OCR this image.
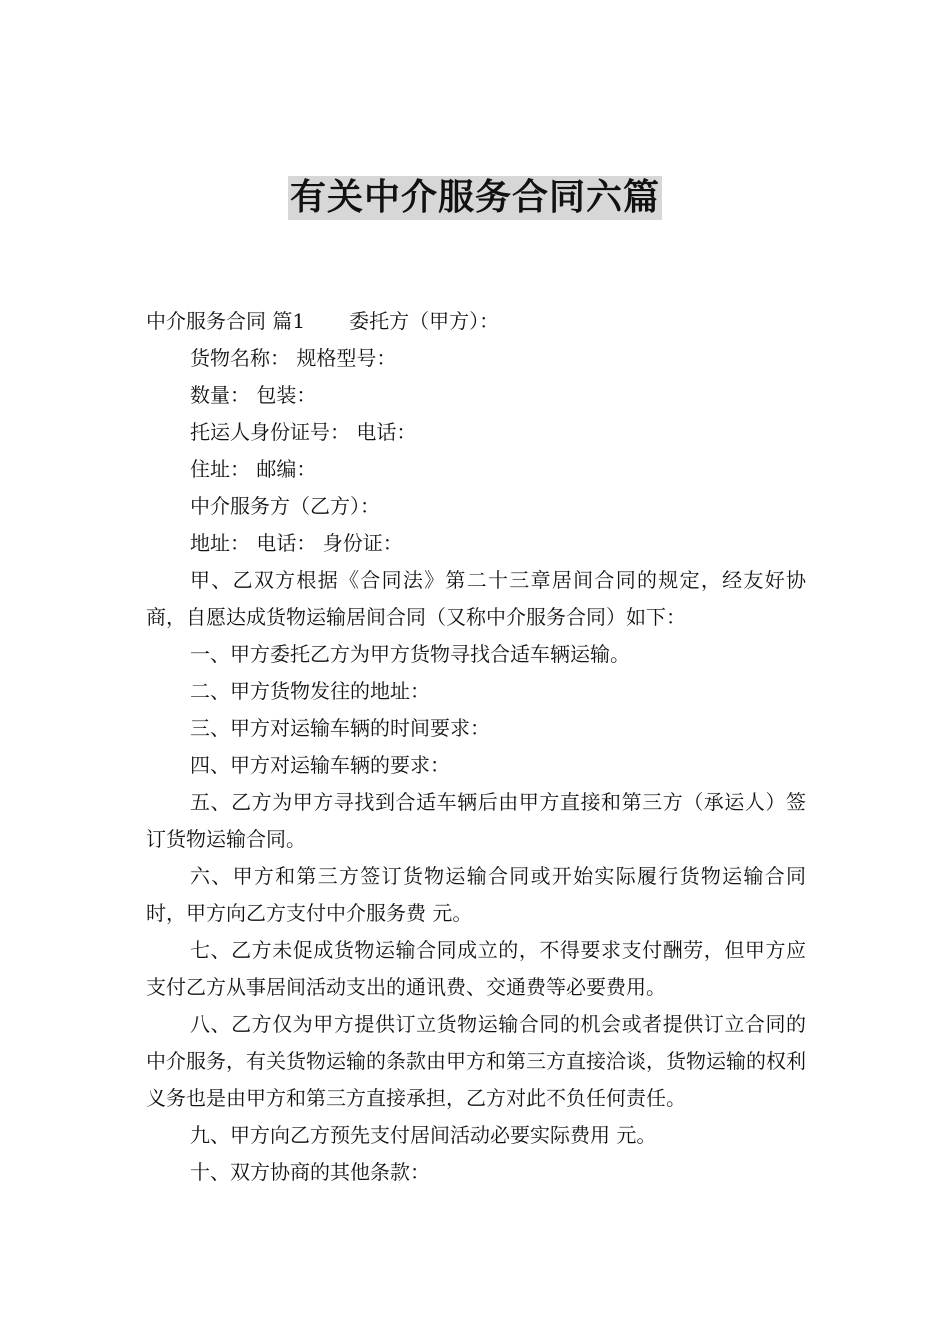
有关中介服务合同六篇

中介服务合同 篇1 委托方（甲方）：

货物名称： 规格型号：

数量： 包装：

托运人身份证号： 电话：

住址： 邮编：

中介服务方（乙方）：

地址： 电话： 身份证：

甲、乙双方根据《合同法》第二十三章居间合同的规定，经友好协商，自愿达成货物运输居间合同（又称中介服务合同）如下：

一、甲方委托乙方为甲方货物寻找合适车辆运输。

二、甲方货物发往的地址：

三、甲方对运输车辆的时间要求：

四、甲方对运输车辆的要求：

五、乙方为甲方寻找到合适车辆后由甲方直接和第三方（承运人）签订货物运输合同。

六、甲方和第三方签订货物运输合同或开始实际履行货物运输合同时，甲方向乙方支付中介服务费 元。

七、乙方未促成货物运输合同成立的，不得要求支付酬劳，但甲方应支付乙方从事居间活动支出的通讯费、交通费等必要费用。

八、乙方仅为甲方提供订立货物运输合同的机会或者提供订立合同的中介服务，有关货物运输的条款由甲方和第三方直接洽谈，货物运输的权利义务也是由甲方和第三方直接承担，乙方对此不负任何责任。

九、甲方向乙方预先支付居间活动必要实际费用 元。

十、双方协商的其他条款：
